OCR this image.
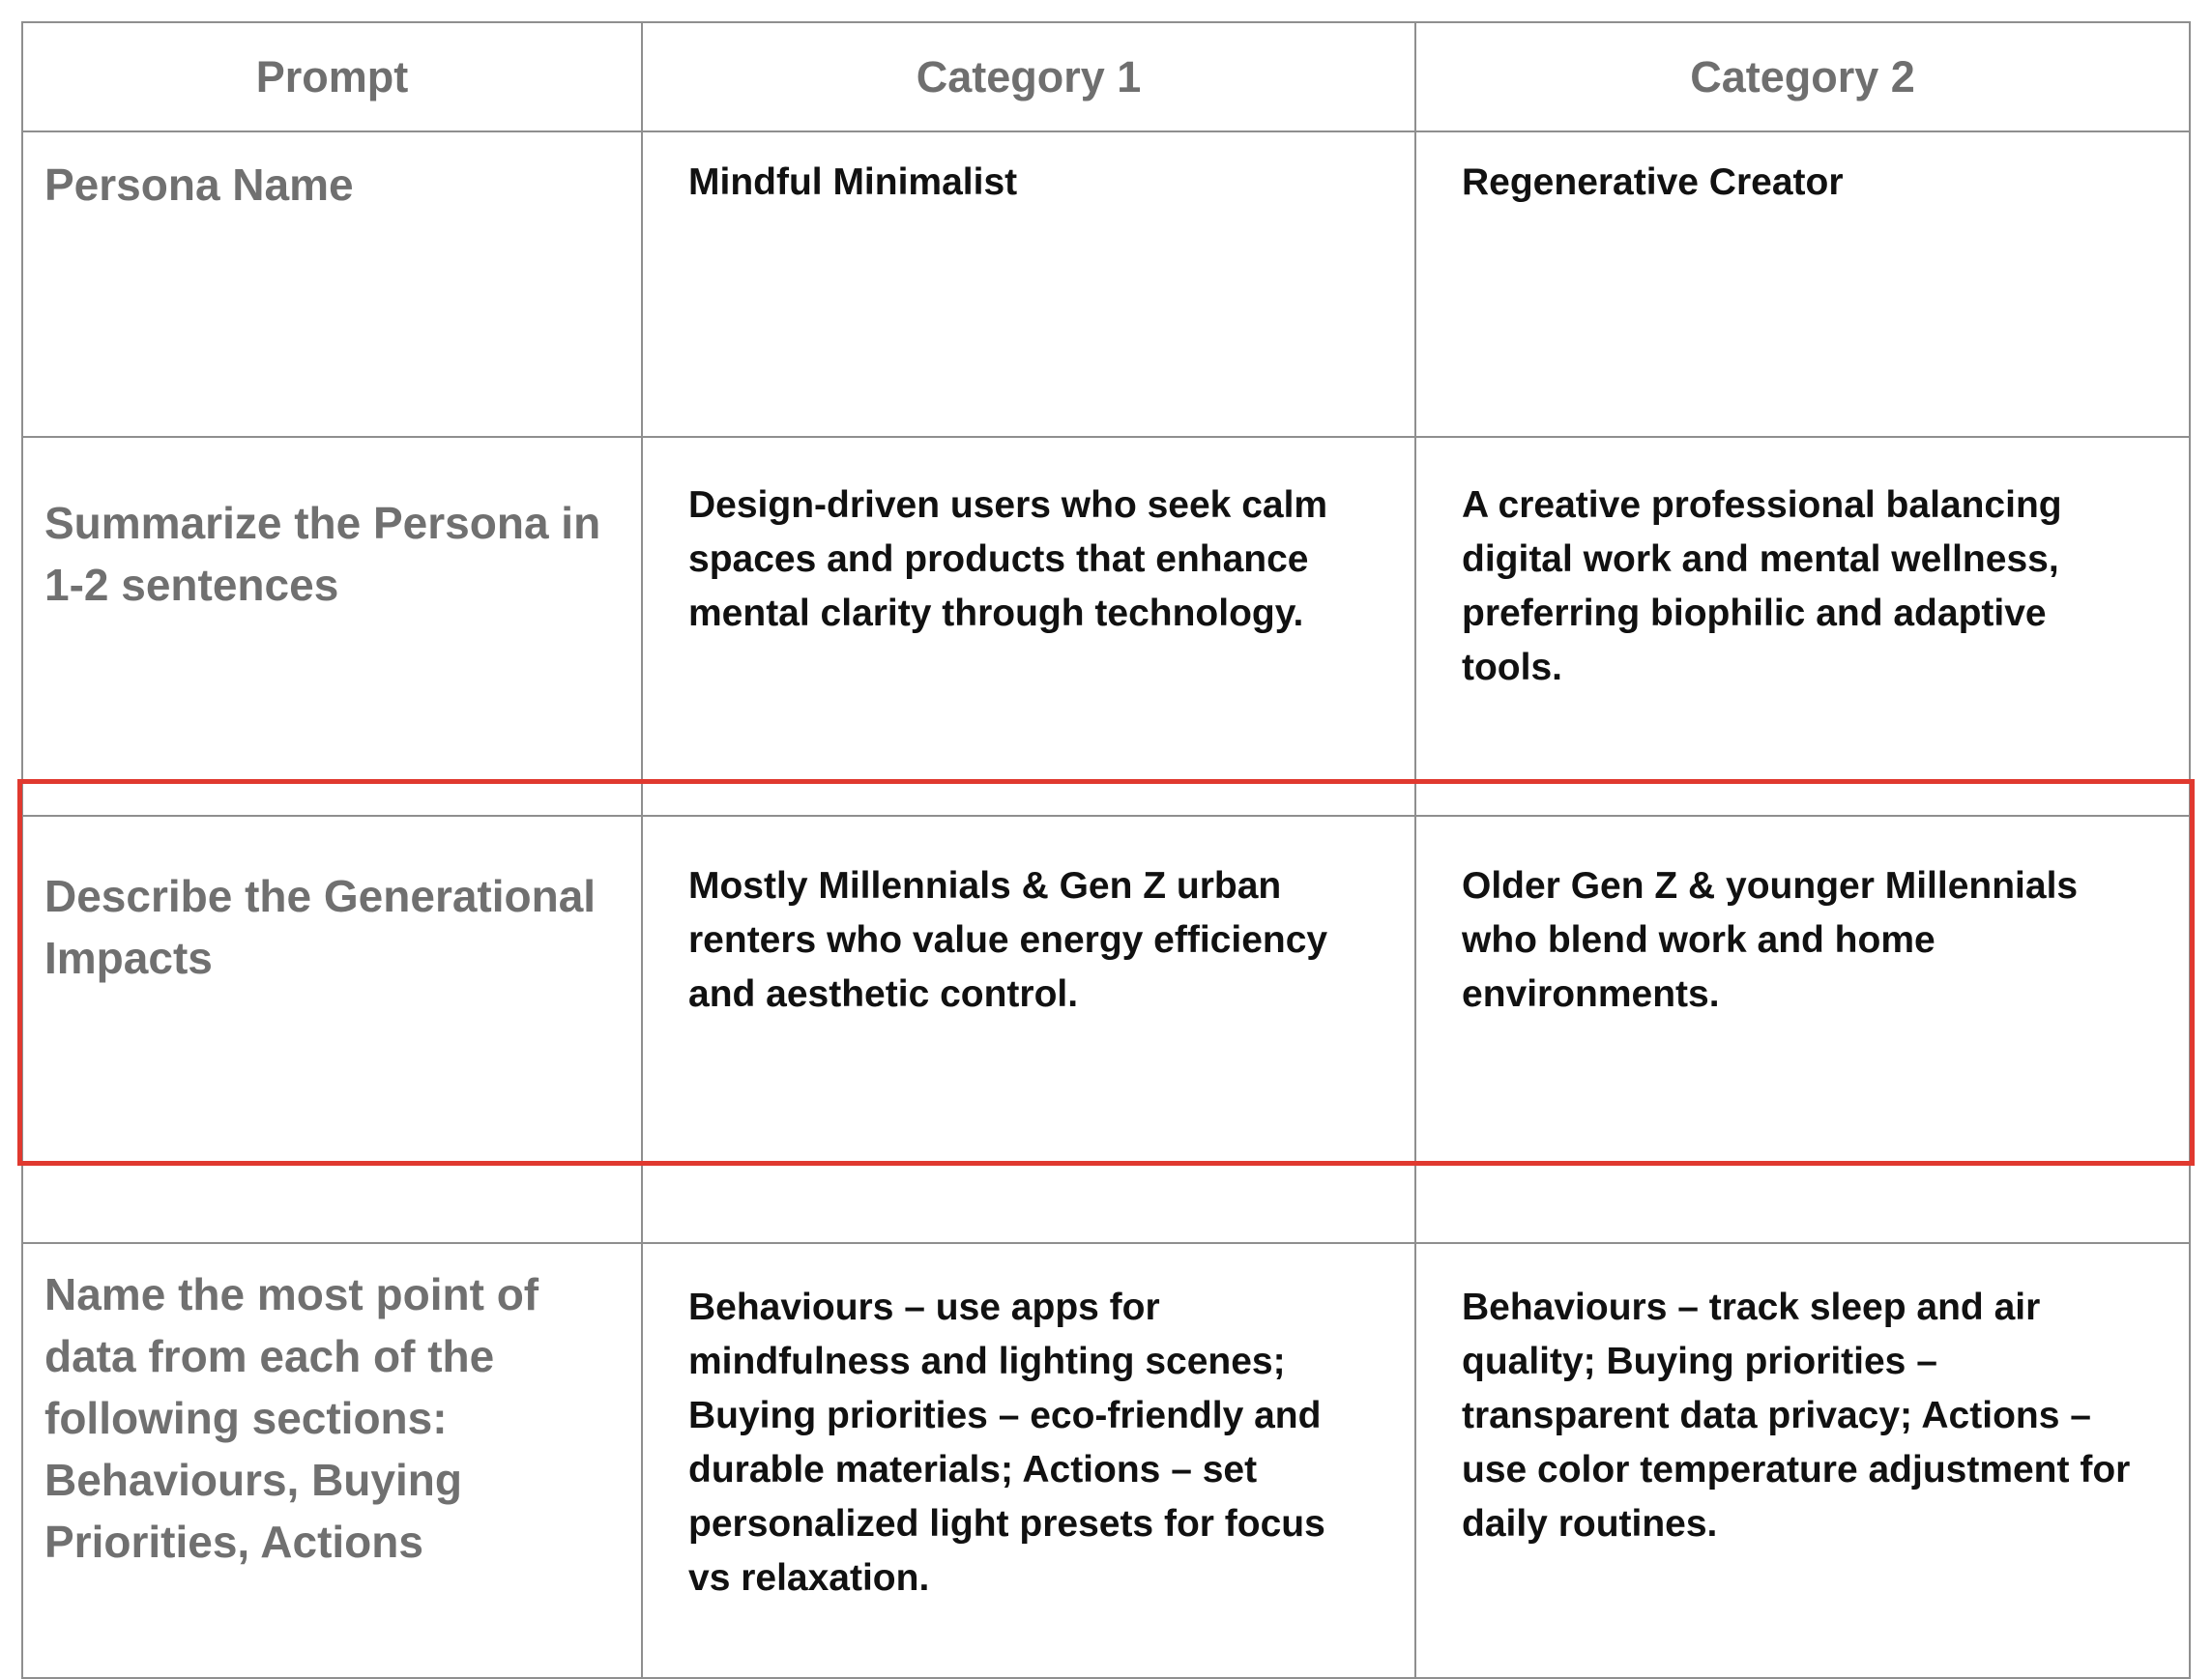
Prompt	Category 1	Category 2
Persona Name	Mindful Minimalist	Regenerative Creator
Summarize the Persona in 1-2 sentences	Design-driven users who seek calm spaces and products that enhance mental clarity through technology.	A creative professional balancing digital work and mental wellness, preferring biophilic and adaptive tools.
Describe the Generational Impacts	Mostly Millennials & Gen Z urban renters who value energy efficiency and aesthetic control.	Older Gen Z & younger Millennials who blend work and home environments.
Name the most point of data from each of the following sections: Behaviours, Buying Priorities, Actions	Behaviours – use apps for mindfulness and lighting scenes; Buying priorities – eco-friendly and durable materials; Actions – set personalized light presets for focus vs relaxation.	Behaviours – track sleep and air quality; Buying priorities – transparent data privacy; Actions – use color temperature adjustment for daily routines.
